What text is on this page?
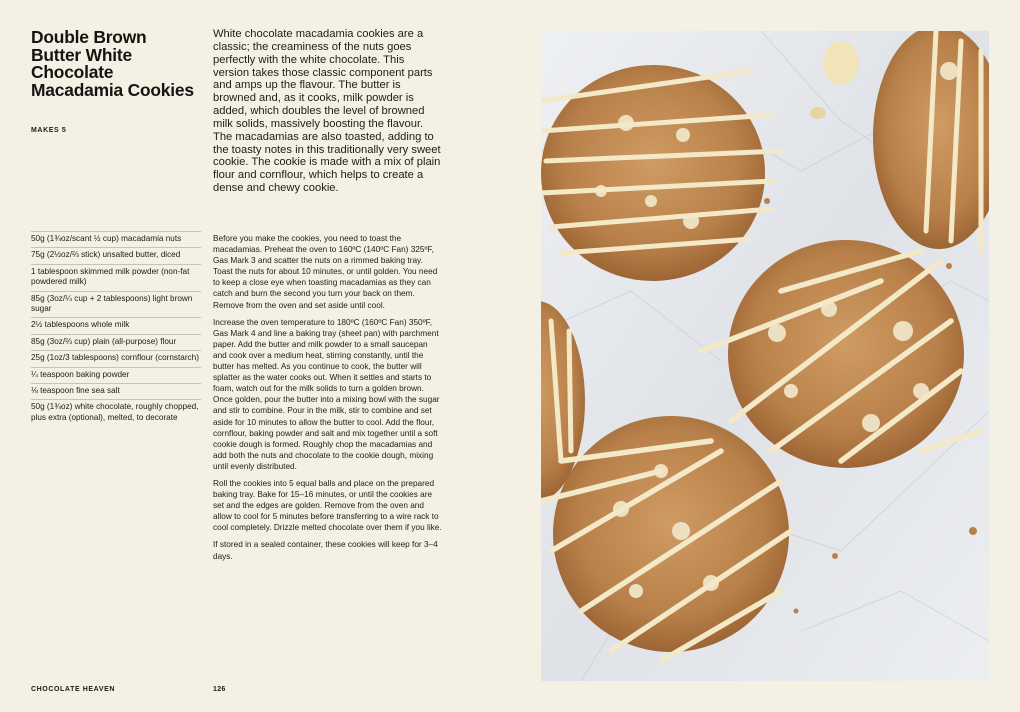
Double Brown Butter White Chocolate Macadamia Cookies
MAKES 5

White chocolate macadamia cookies are a classic; the creaminess of the nuts goes perfectly with the white chocolate. This version takes those classic component parts and amps up the flavour. The butter is browned and, as it cooks, milk powder is added, which doubles the level of browned milk solids, massively boosting the flavour. The macadamias are also toasted, adding to the toasty notes in this traditionally very sweet cookie. The cookie is made with a mix of plain flour and cornflour, which helps to create a dense and chewy cookie.

50g (1¾oz/scant ½ cup) macadamia nuts
75g (2½oz/⅔ stick) unsalted butter, diced
1 tablespoon skimmed milk powder (non-fat powdered milk)
85g (3oz/¼ cup + 2 tablespoons) light brown sugar
2½ tablespoons whole milk
85g (3oz/⅔ cup) plain (all-purpose) flour
25g (1oz/3 tablespoons) cornflour (cornstarch)
¼ teaspoon baking powder
⅛ teaspoon fine sea salt
50g (1¾oz) white chocolate, roughly chopped, plus extra (optional), melted, to decorate

Before you make the cookies, you need to toast the macadamias. Preheat the oven to 160ºC (140ºC Fan) 325ºF, Gas Mark 3 and scatter the nuts on a rimmed baking tray. Toast the nuts for about 10 minutes, or until golden. You need to keep a close eye when toasting macadamias as they can catch and burn the second you turn your back on them. Remove from the oven and set aside until cool.

Increase the oven temperature to 180ºC (160ºC Fan) 350ºF, Gas Mark 4 and line a baking tray (sheet pan) with parchment paper. Add the butter and milk powder to a small saucepan and cook over a medium heat, stirring constantly, until the butter has melted. As you continue to cook, the butter will splatter as the water cooks out. When it settles and starts to foam, watch out for the milk solids to turn a golden brown. Once golden, pour the butter into a mixing bowl with the sugar and stir to combine. Pour in the milk, stir to combine and set aside for 10 minutes to allow the butter to cool. Add the flour, cornflour, baking powder and salt and mix together until a soft cookie dough is formed. Roughly chop the macadamias and add both the nuts and chocolate to the cookie dough, mixing until evenly distributed.

Roll the cookies into 5 equal balls and place on the prepared baking tray. Bake for 15–16 minutes, or until the cookies are set and the edges are golden. Remove from the oven and allow to cool for 5 minutes before transferring to a wire rack to cool completely. Drizzle melted chocolate over them if you like.

If stored in a sealed container, these cookies will keep for 3–4 days.

CHOCOLATE HEAVEN	126
